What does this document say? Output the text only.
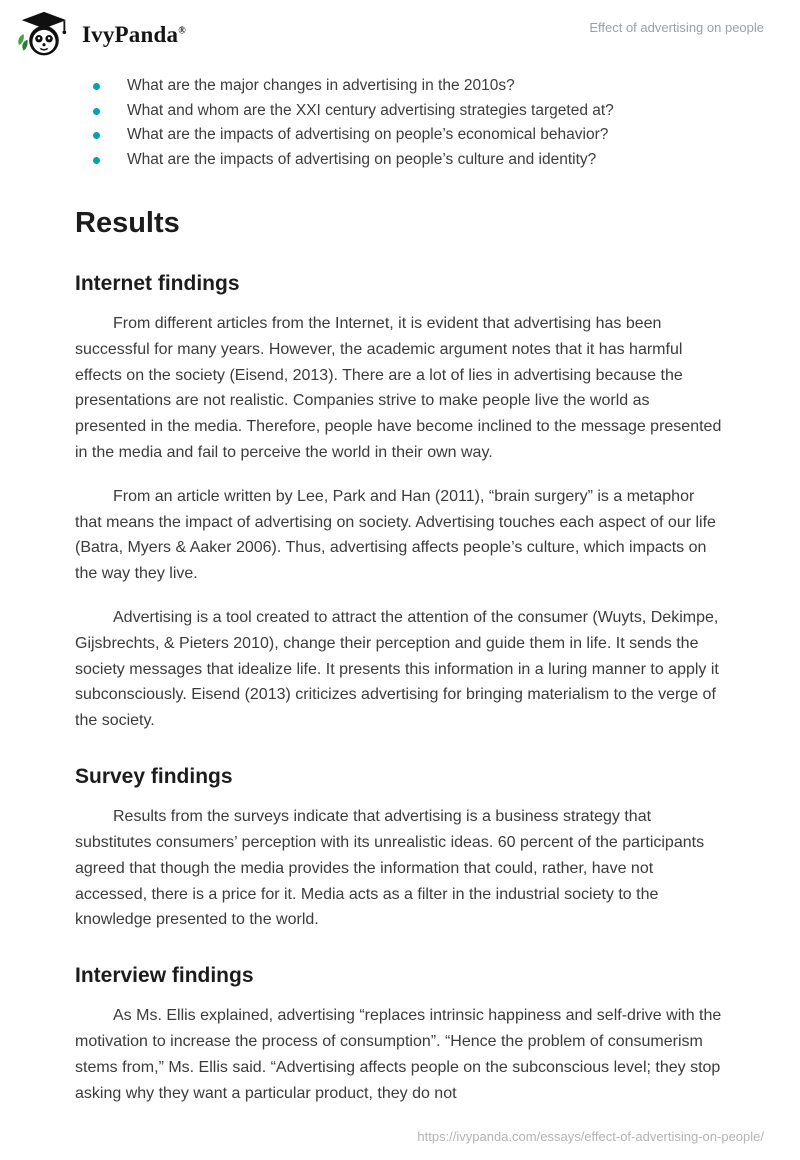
IvyPanda®	Effect of advertising on people
What are the major changes in advertising in the 2010s?
What and whom are the XXI century advertising strategies targeted at?
What are the impacts of advertising on people’s economical behavior?
What are the impacts of advertising on people’s culture and identity?
Results
Internet findings

From different articles from the Internet, it is evident that advertising has been successful for many years. However, the academic argument notes that it has harmful effects on the society (Eisend, 2013). There are a lot of lies in advertising because the presentations are not realistic. Companies strive to make people live the world as presented in the media. Therefore, people have become inclined to the message presented in the media and fail to perceive the world in their own way.

From an article written by Lee, Park and Han (2011), “brain surgery” is a metaphor that means the impact of advertising on society. Advertising touches each aspect of our life (Batra, Myers & Aaker 2006). Thus, advertising affects people’s culture, which impacts on the way they live.

Advertising is a tool created to attract the attention of the consumer (Wuyts, Dekimpe, Gijsbrechts, & Pieters 2010), change their perception and guide them in life. It sends the society messages that idealize life. It presents this information in a luring manner to apply it subconsciously. Eisend (2013) criticizes advertising for bringing materialism to the verge of the society.

Survey findings

Results from the surveys indicate that advertising is a business strategy that substitutes consumers’ perception with its unrealistic ideas. 60 percent of the participants agreed that though the media provides the information that could, rather, have not accessed, there is a price for it. Media acts as a filter in the industrial society to the knowledge presented to the world.

Interview findings

As Ms. Ellis explained, advertising “replaces intrinsic happiness and self-drive with the motivation to increase the process of consumption”. “Hence the problem of consumerism stems from,” Ms. Ellis said. “Advertising affects people on the subconscious level; they stop asking why they want a particular product, they do not

https://ivypanda.com/essays/effect-of-advertising-on-people/
